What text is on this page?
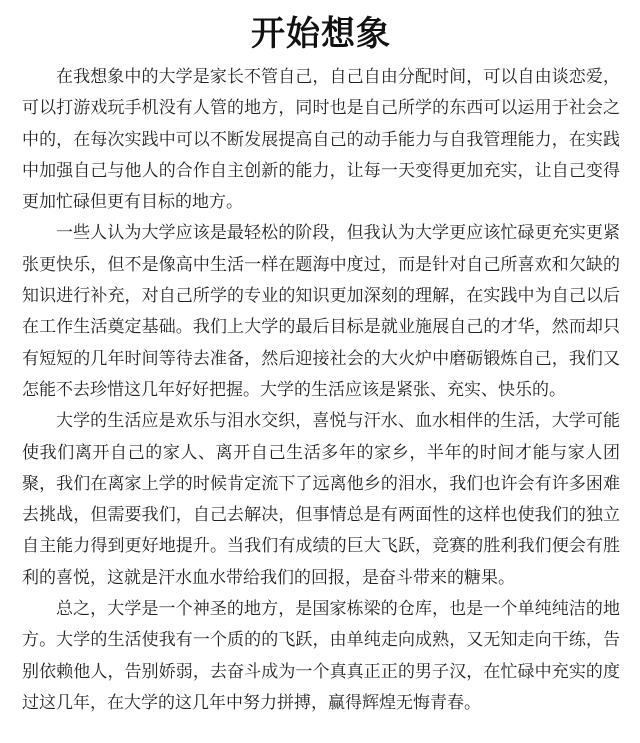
开始想象

在我想象中的大学是家长不管自己，自己自由分配时间，可以自由谈恋爱，可以打游戏玩手机没有人管的地方，同时也是自己所学的东西可以运用于社会之中的，在每次实践中可以不断发展提高自己的动手能力与自我管理能力，在实践中加强自己与他人的合作自主创新的能力，让每一天变得更加充实，让自己变得更加忙碌但更有目标的地方。

一些人认为大学应该是最轻松的阶段，但我认为大学更应该忙碌更充实更紧张更快乐，但不是像高中生活一样在题海中度过，而是针对自己所喜欢和欠缺的知识进行补充，对自己所学的专业的知识更加深刻的理解，在实践中为自己以后在工作生活奠定基础。我们上大学的最后目标是就业施展自己的才华，然而却只有短短的几年时间等待去准备，然后迎接社会的大火炉中磨砺锻炼自己，我们又怎能不去珍惜这几年好好把握。大学的生活应该是紧张、充实、快乐的。

大学的生活应是欢乐与泪水交织，喜悦与汗水、血水相伴的生活，大学可能使我们离开自己的家人、离开自己生活多年的家乡，半年的时间才能与家人团聚，我们在离家上学的时候肯定流下了远离他乡的泪水，我们也许会有许多困难去挑战，但需要我们，自己去解决，但事情总是有两面性的这样也使我们的独立自主能力得到更好地提升。当我们有成绩的巨大飞跃，竞赛的胜利我们便会有胜利的喜悦，这就是汗水血水带给我们的回报，是奋斗带来的糖果。

总之，大学是一个神圣的地方，是国家栋梁的仓库，也是一个单纯纯洁的地方。大学的生活使我有一个质的的飞跃，由单纯走向成熟，又无知走向干练，告别依赖他人，告别娇弱，去奋斗成为一个真真正正的男子汉，在忙碌中充实的度过这几年，在大学的这几年中努力拼搏，赢得辉煌无悔青春。
